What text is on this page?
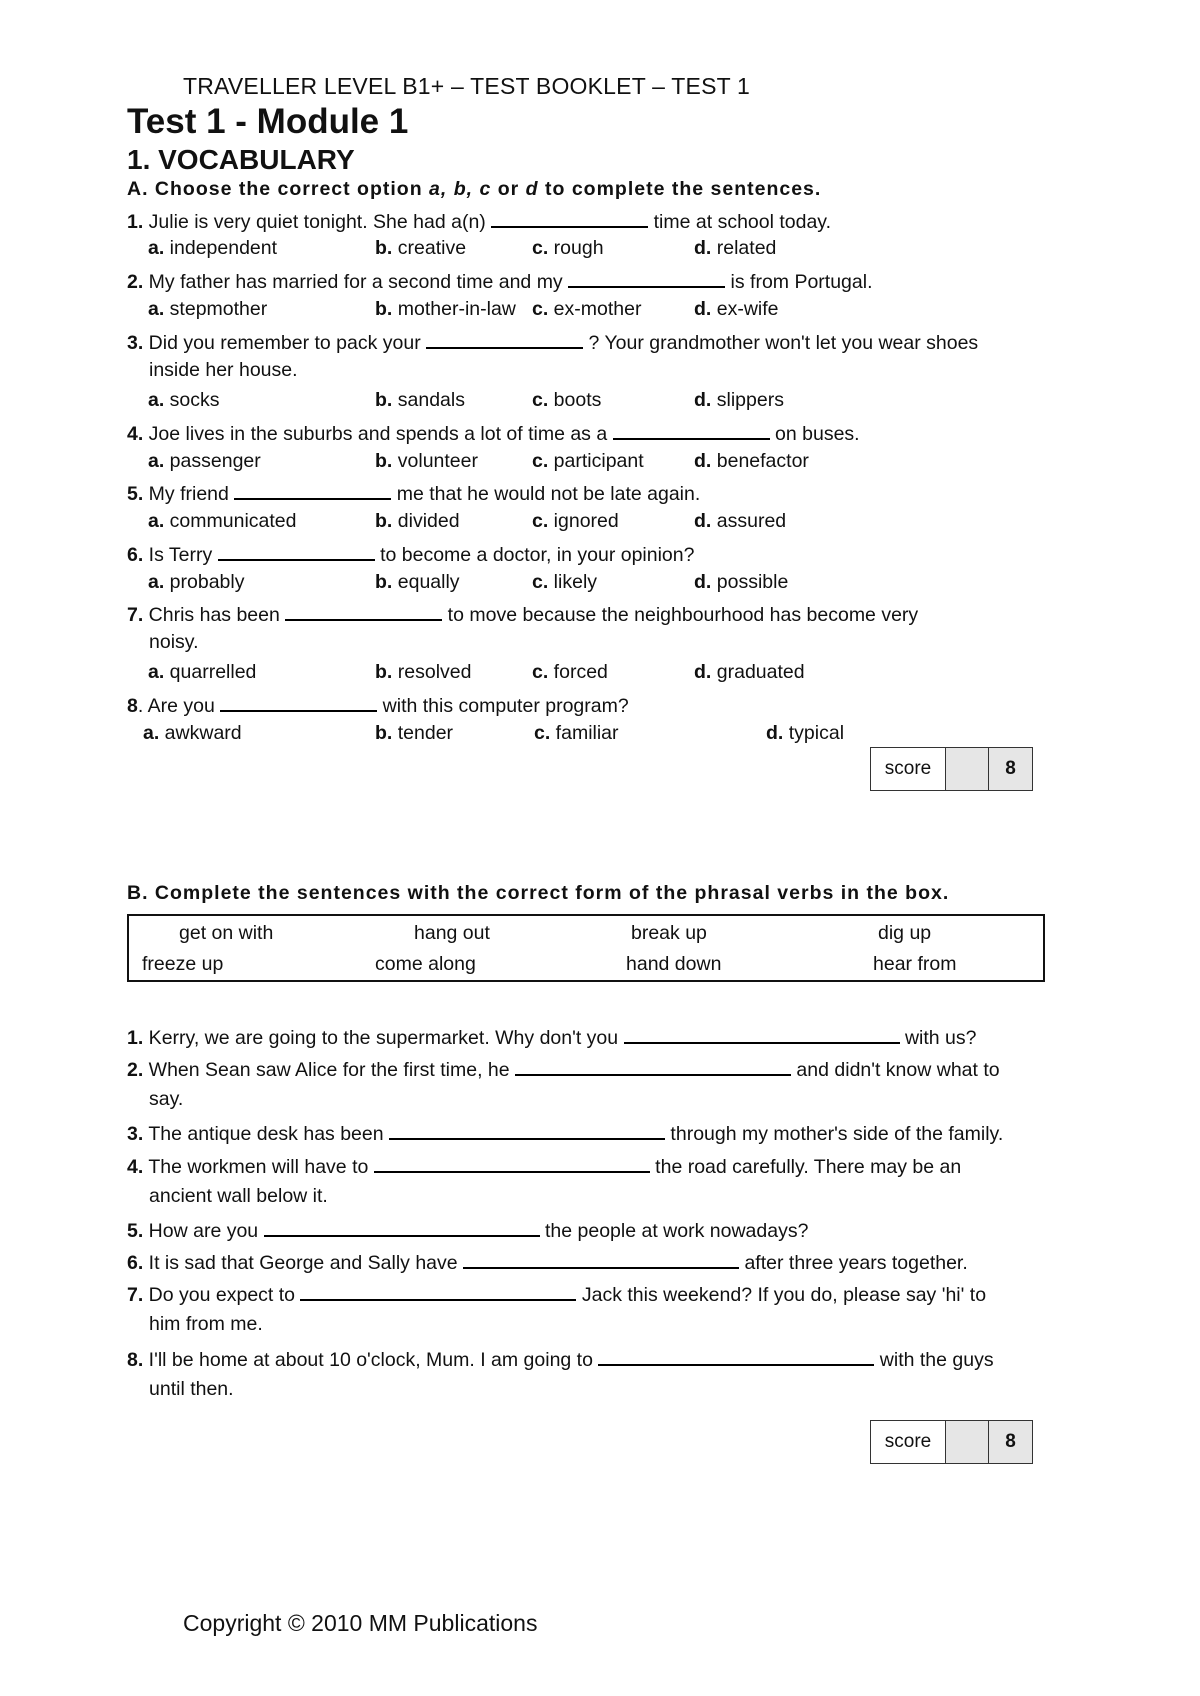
TRAVELLER LEVEL B1+ – TEST BOOKLET – TEST 1
Test 1 - Module 1
1. VOCABULARY
A. Choose the correct option a, b, c or d to complete the sentences.
1. Julie is very quiet tonight. She had a(n)	time at school today.
a. independent	b. creative	c. rough	d. related
2. My father has married for a second time and my	is from Portugal.
a. stepmother	b. mother-in-law c. ex-mother	d. ex-wife
3. Did you remember to pack your	? Your grandmother won't let you wear shoes
inside her house.
a. socks	b. sandals	c. boots	d. slippers
4. Joe lives in the suburbs and spends a lot of time as a	on buses.
a. passenger	b. volunteer	c. participant	d. benefactor
5. My friend	me that he would not be late again.
a. communicated	b. divided	c. ignored	d. assured
6. Is Terry	to become a doctor, in your opinion?
a. probably	b. equally	c. likely	d. possible
7. Chris has been	to move because the neighbourhood has become very
noisy.
a. quarrelled	b. resolved	c. forced	d. graduated
8. Are you	with this computer program?
a. awkward	b. tender	c. familiar	d. typical
score	8
B. Complete the sentences with the correct form of the phrasal verbs in the box.
get on with	hang out	break up	dig up
freeze up	come along	hand down	hear from
1. Kerry, we are going to the supermarket. Why don't you	with us?
2. When Sean saw Alice for the first time, he	and didn't know what to
say.
3. The antique desk has been	through my mother's side of the family.
4. The workmen will have to	the road carefully. There may be an
ancient wall below it.
5. How are you	the people at work nowadays?
6. It is sad that George and Sally have	after three years together.
7. Do you expect to	Jack this weekend? If you do, please say 'hi' to
him from me.
8. I'll be home at about 10 o'clock, Mum. I am going to	with the guys
until then.
score	8
Copyright © 2010 MM Publications
